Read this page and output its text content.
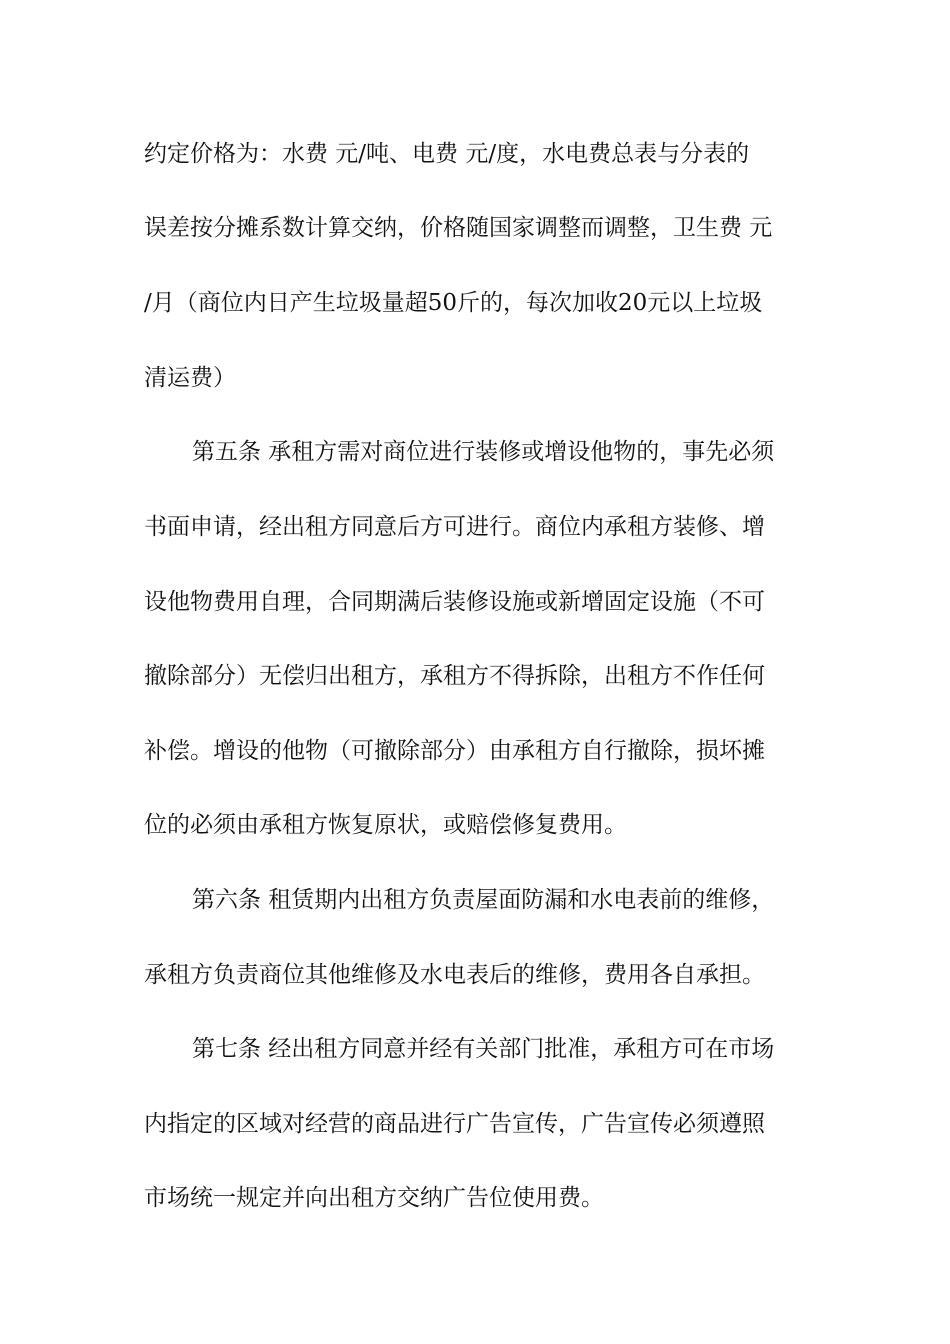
约定价格为：水费 元/吨、电费 元/度，水电费总表与分表的

误差按分摊系数计算交纳，价格随国家调整而调整，卫生费 元

/月（商位内日产生垃圾量超50斤的，每次加收20元以上垃圾

清运费）

第五条 承租方需对商位进行装修或增设他物的，事先必须

书面申请，经出租方同意后方可进行。商位内承租方装修、增

设他物费用自理，合同期满后装修设施或新增固定设施（不可

撤除部分）无偿归出租方，承租方不得拆除，出租方不作任何

补偿。增设的他物（可撤除部分）由承租方自行撤除，损坏摊

位的必须由承租方恢复原状，或赔偿修复费用。

第六条 租赁期内出租方负责屋面防漏和水电表前的维修，

承租方负责商位其他维修及水电表后的维修，费用各自承担。

第七条 经出租方同意并经有关部门批准，承租方可在市场

内指定的区域对经营的商品进行广告宣传，广告宣传必须遵照

市场统一规定并向出租方交纳广告位使用费。
